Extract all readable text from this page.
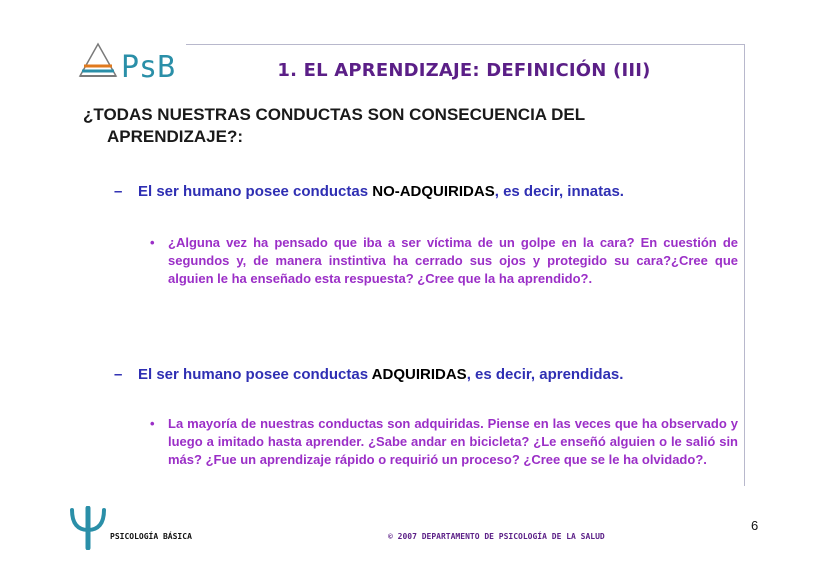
PsB	1. EL APRENDIZAJE: DEFINICIÓN (III)
¿TODAS NUESTRAS CONDUCTAS SON CONSECUENCIA DEL
APRENDIZAJE?:
– El ser humano posee conductas NO-ADQUIRIDAS, es decir, innatas.
•	¿Alguna vez ha pensado que iba a ser víctima de un golpe en la cara? En cuestión de segundos y, de manera instintiva ha cerrado sus ojos y protegido su cara?¿Cree que alguien le ha enseñado esta respuesta? ¿Cree que la ha aprendido?.
– El ser humano posee conductas ADQUIRIDAS, es decir, aprendidas.
•	La mayoría de nuestras conductas son adquiridas. Piense en las veces que ha observado y luego a imitado hasta aprender. ¿Sabe andar en bicicleta? ¿Le enseñó alguien o le salió sin más? ¿Fue un aprendizaje rápido o requirió un proceso? ¿Cree que se le ha olvidado?.
PSICOLOGÍA BÁSICA	© 2007 DEPARTAMENTO DE PSICOLOGÍA DE LA SALUD
6
